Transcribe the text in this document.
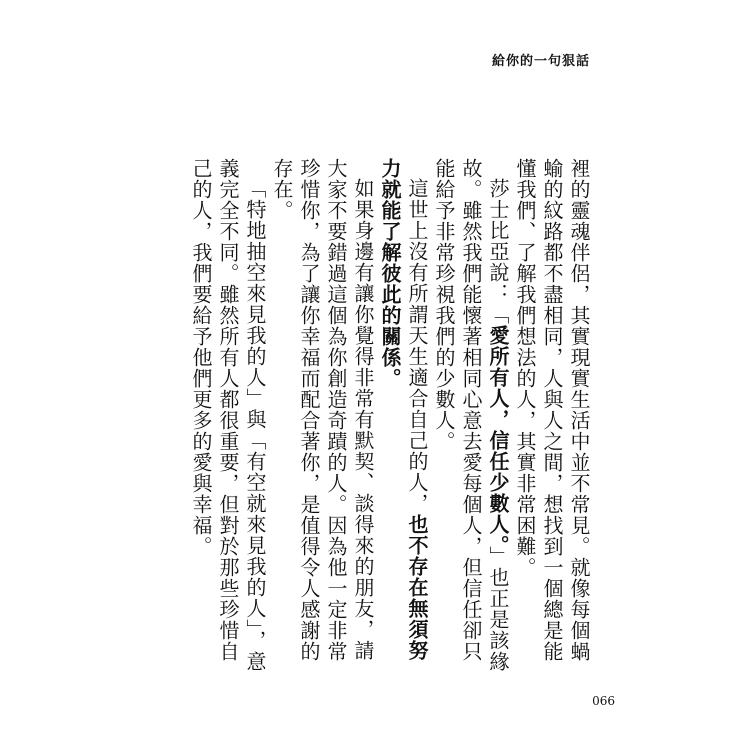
給你的一句狠話

裡的靈魂伴侶，其實現實生活中並不常見。就像每個蝸蝓的紋路都不盡相同，人與人之間，想找到一個總是能懂我們、了解我們想法的人，其實非常困難。

莎士比亞說：「愛所有人，信任少數人。」也正是該緣故。雖然我們能懷著相同心意去愛每個人，但信任卻只能給予非常珍視我們的少數人。

這世上沒有所謂天生適合自己的人，也不存在無須努力就能了解彼此的關係。

如果身邊有讓你覺得非常有默契、談得來的朋友，請大家不要錯過這個為你創造奇蹟的人。因為他一定非常珍惜你，為了讓你幸福而配合著你，是值得令人感謝的存在。

「特地抽空來見我的人」與「有空就來見我的人」，意義完全不同。雖然所有人都很重要，但對於那些珍惜自己的人，我們要給予他們更多的愛與幸福。

066
